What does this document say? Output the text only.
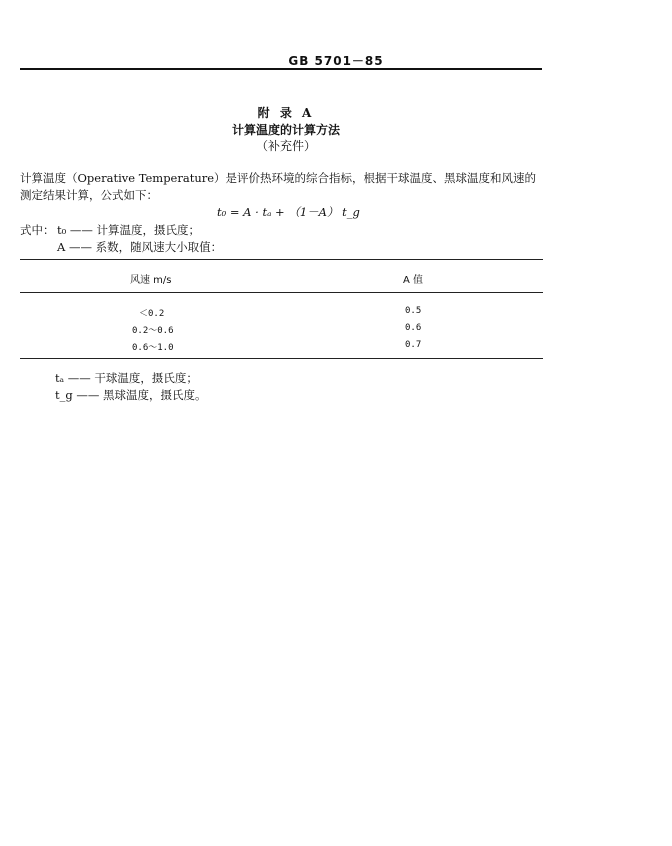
GB 5701－85
附 录 A
计算温度的计算方法
（补充件）
计算温度（Operative Temperature）是评价热环境的综合指标，根据干球温度、黑球温度和风速的测定结果计算，公式如下：
t₀ = A · tₐ + （1－A） t_g
式中： t₀ —— 计算温度，摄氏度；
A —— 系数，随风速大小取值：
风速 m/s	A 值
＜0.2	0.5
0.2～0.6	0.6
0.6～1.0	0.7
tₐ —— 干球温度，摄氏度；
t_g —— 黑球温度，摄氏度。
